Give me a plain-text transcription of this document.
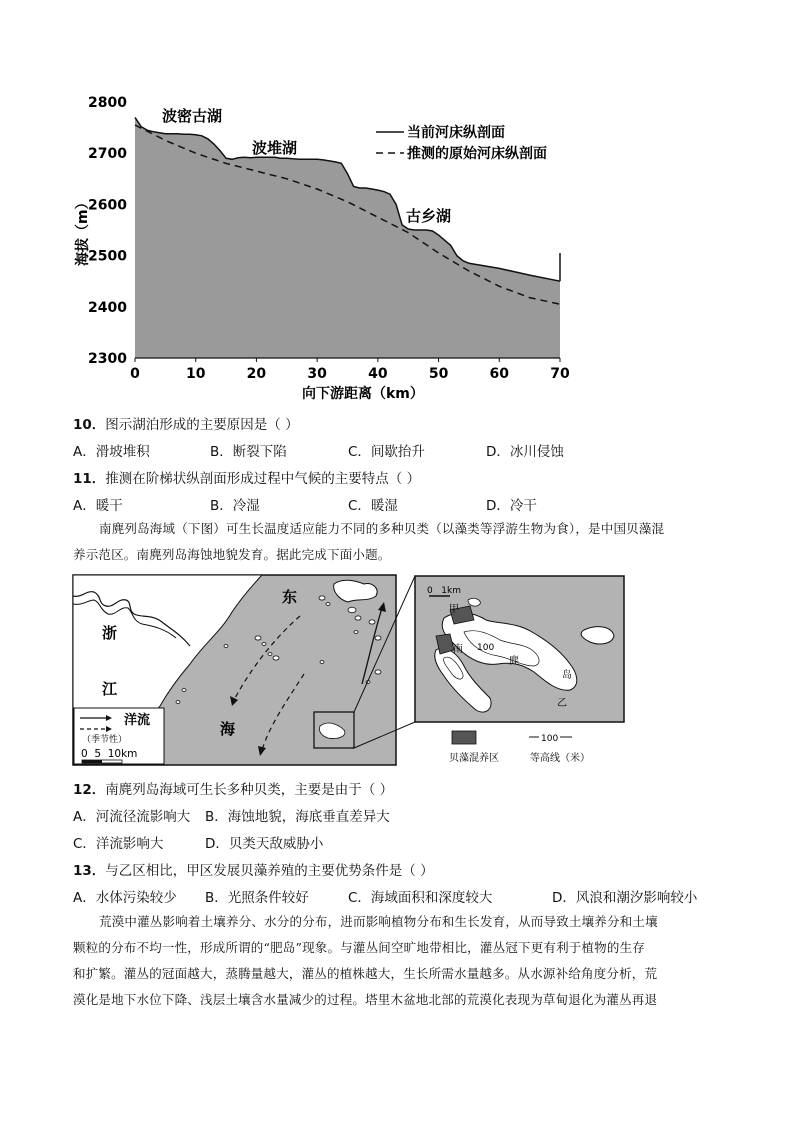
2800
2700
2600
2500
2400
2300
0	10	20	30	40	50	60	70
波密古湖
波堆湖
古乡湖
当前河床纵剖面
推测的原始河床纵剖面
海拔（m）
向下游距离（km）
10．图示湖泊形成的主要原因是（ ）
A．滑坡堆积	B．断裂下陷	C．间歇抬升	D．冰川侵蚀
11．推测在阶梯状纵剖面形成过程中气候的主要特点（ ）
A．暖干	B．冷湿	C．暖湿	D．冷干

南麂列岛海域（下图）可生长温度适应能力不同的多种贝类（以藻类等浮游生物为食），是中国贝藻混

养示范区。南麂列岛海蚀地貌发育。据此完成下面小题。

浙
江
东
海
洋流
（季节性）
0  5  10km
0   1km
甲
乙
南
麂
岛
100
贝藻混养区
100
等高线（米）
12．南麂列岛海域可生长多种贝类，主要是由于（ ）
A．河流径流影响大 B．海蚀地貌，海底垂直差异大
C．洋流影响大	D．贝类天敌威胁小
13．与乙区相比，甲区发展贝藻养殖的主要优势条件是（ ）
A．水体污染较少 B．光照条件较好	C．海域面积和深度较大	D．风浪和潮汐影响较小

荒漠中灌丛影响着土壤养分、水分的分布，进而影响植物分布和生长发育，从而导致土壤养分和土壤

颗粒的分布不均一性，形成所谓的“肥岛”现象。与灌丛间空旷地带相比，灌丛冠下更有利于植物的生存

和扩繁。灌丛的冠面越大，蒸腾量越大，灌丛的植株越大，生长所需水量越多。从水源补给角度分析，荒

漠化是地下水位下降、浅层土壤含水量减少的过程。塔里木盆地北部的荒漠化表现为草甸退化为灌丛再退
